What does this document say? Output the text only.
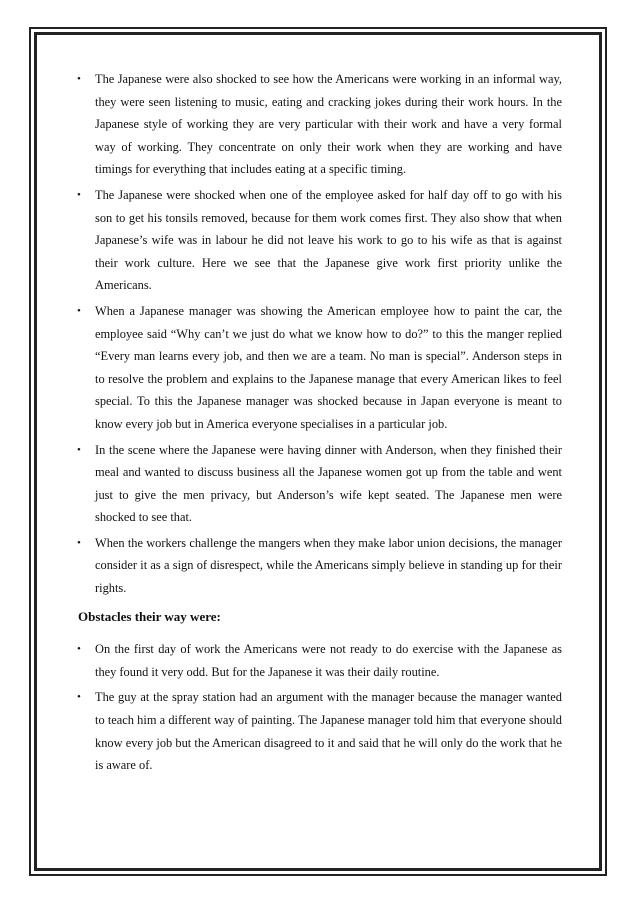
• The Japanese were also shocked to see how the Americans were working in an informal way, they were seen listening to music, eating and cracking jokes during their work hours. In the Japanese style of working they are very particular with their work and have a very formal way of working. They concentrate on only their work when they are working and have timings for everything that includes eating at a specific timing.
• The Japanese were shocked when one of the employee asked for half day off to go with his son to get his tonsils removed, because for them work comes first. They also show that when Japanese’s wife was in labour he did not leave his work to go to his wife as that is against their work culture. Here we see that the Japanese give work first priority unlike the Americans.
• When a Japanese manager was showing the American employee how to paint the car, the employee said “Why can’t we just do what we know how to do?” to this the manger replied “Every man learns every job, and then we are a team. No man is special”. Anderson steps in to resolve the problem and explains to the Japanese manage that every American likes to feel special. To this the Japanese manager was shocked because in Japan everyone is meant to know every job but in America everyone specialises in a particular job.
• In the scene where the Japanese were having dinner with Anderson, when they finished their meal and wanted to discuss business all the Japanese women got up from the table and went just to give the men privacy, but Anderson’s wife kept seated. The Japanese men were shocked to see that.
• When the workers challenge the mangers when they make labor union decisions, the manager consider it as a sign of disrespect, while the Americans simply believe in standing up for their rights.
Obstacles their way were:
• On the first day of work the Americans were not ready to do exercise with the Japanese as they found it very odd. But for the Japanese it was their daily routine.
• The guy at the spray station had an argument with the manager because the manager wanted to teach him a different way of painting. The Japanese manager told him that everyone should know every job but the American disagreed to it and said that he will only do the work that he is aware of.
